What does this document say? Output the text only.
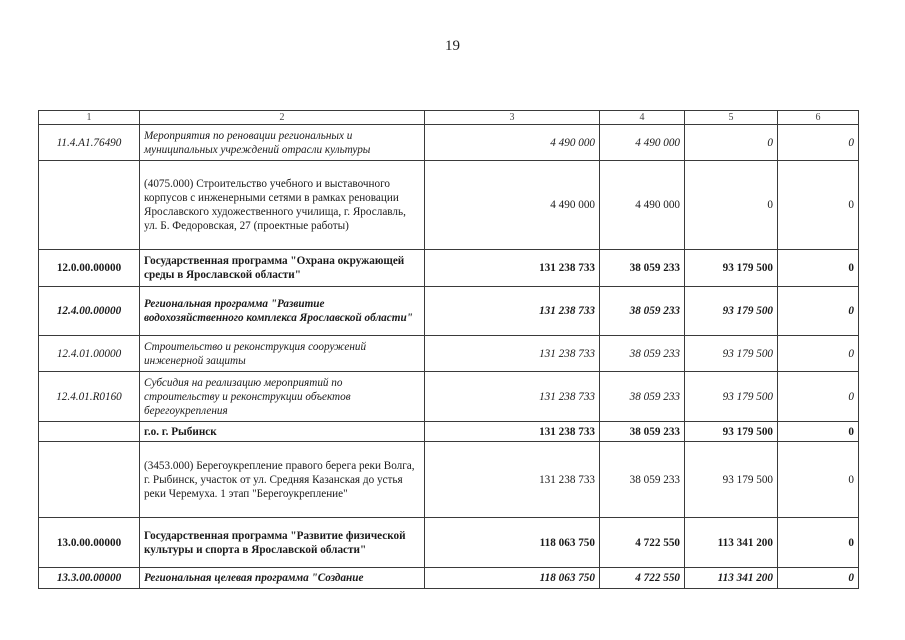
19
1	2	3	4	5	6
11.4.A1.76490	Мероприятия по реновации региональных и муниципальных учреждений отрасли культуры	4 490 000	4 490 000	0	0
	(4075.000) Строительство учебного и выставочного корпусов с инженерными сетями в рамках реновации Ярославского художественного училища, г. Ярославль, ул. Б. Федоровская, 27 (проектные работы)	4 490 000	4 490 000	0	0
12.0.00.00000	Государственная программа "Охрана окружающей среды в Ярославской области"	131 238 733	38 059 233	93 179 500	0
12.4.00.00000	Региональная программа "Развитие водохозяйственного комплекса Ярославской области"	131 238 733	38 059 233	93 179 500	0
12.4.01.00000	Строительство и реконструкция сооружений инженерной защиты	131 238 733	38 059 233	93 179 500	0
12.4.01.R0160	Субсидия на реализацию мероприятий по строительству и реконструкции объектов берегоукрепления	131 238 733	38 059 233	93 179 500	0
	г.о. г. Рыбинск	131 238 733	38 059 233	93 179 500	0
	(3453.000) Берегоукрепление правого берега реки Волга, г. Рыбинск, участок от ул. Средняя Казанская до устья реки Черемуха. 1 этап "Берегоукрепление"	131 238 733	38 059 233	93 179 500	0
13.0.00.00000	Государственная программа "Развитие физической культуры и спорта в Ярославской области"	118 063 750	4 722 550	113 341 200	0
13.3.00.00000	Региональная целевая программа "Создание	118 063 750	4 722 550	113 341 200	0
